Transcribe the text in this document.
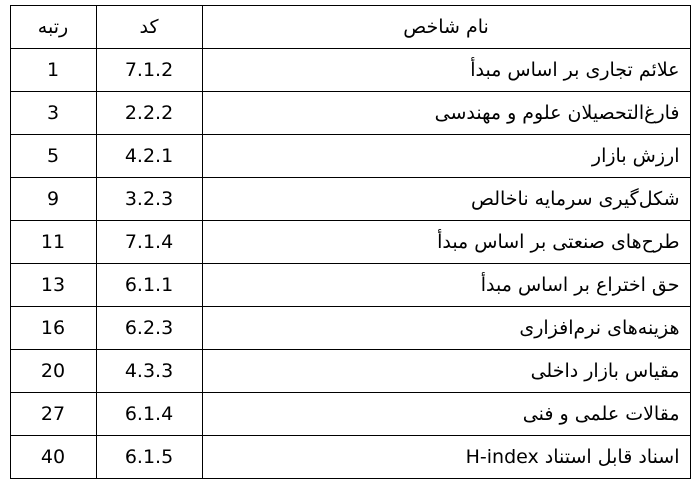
نام شاخص	کد	رتبه
علائم تجاری بر اساس مبدأ	7.1.2	1
فارغ‌التحصیلان علوم و مهندسی	2.2.2	3
ارزش بازار	4.2.1	5
شکل‌گیری سرمایه ناخالص	3.2.3	9
طرح‌های صنعتی بر اساس مبدأ	7.1.4	11
حق اختراع بر اساس مبدأ	6.1.1	13
هزینه‌های نرم‌افزاری	6.2.3	16
مقیاس بازار داخلی	4.3.3	20
مقالات علمی و فنی	6.1.4	27
اسناد قابل استناد H-index	6.1.5	40
